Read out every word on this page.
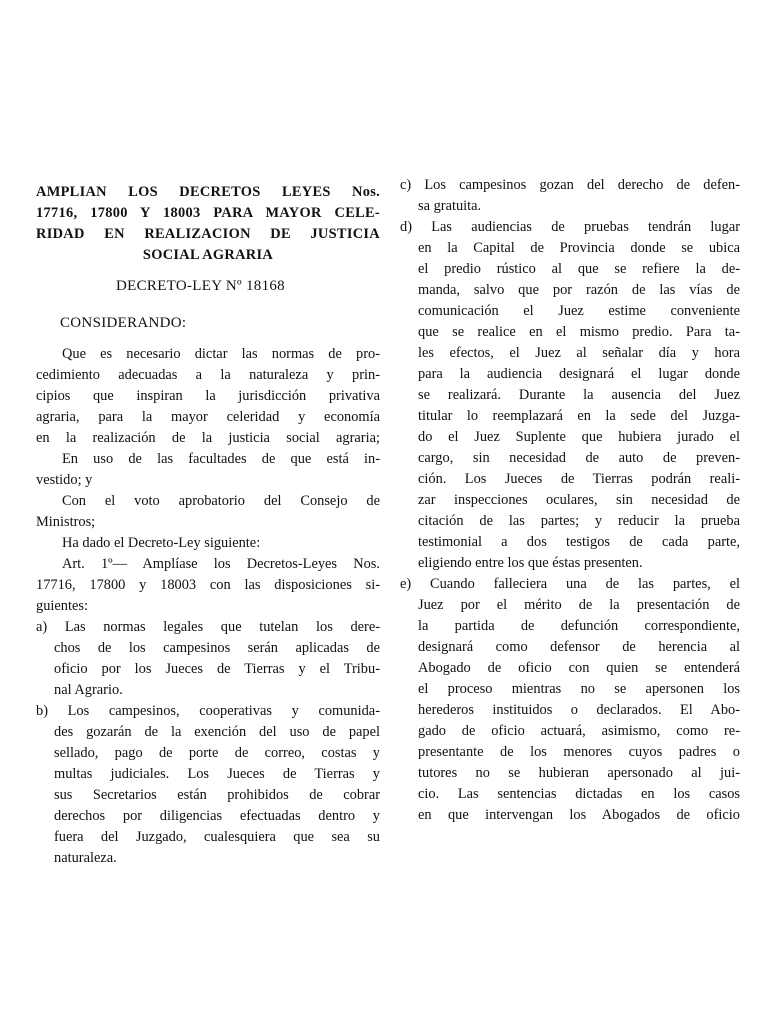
AMPLIAN LOS DECRETOS LEYES Nos.
17716, 17800 Y 18003 PARA MAYOR CELE-
RIDAD EN REALIZACION DE JUSTICIA
SOCIAL AGRARIA
DECRETO-LEY Nº 18168
CONSIDERANDO:
Que es necesario dictar las normas de pro-
cedimiento adecuadas a la naturaleza y prin-
cipios que inspiran la jurisdicción privativa
agraria, para la mayor celeridad y economía
en la realización de la justicia social agraria;
En uso de las facultades de que está in-
vestido; y
Con el voto aprobatorio del Consejo de
Ministros;
Ha dado el Decreto-Ley siguiente:
Art. 1º— Amplíase los Decretos-Leyes Nos.
17716, 17800 y 18003 con las disposiciones si-
guientes:
a) Las normas legales que tutelan los dere-
chos de los campesinos serán aplicadas de
oficio por los Jueces de Tierras y el Tribu-
nal Agrario.
b) Los campesinos, cooperativas y comunida-
des gozarán de la exención del uso de papel
sellado, pago de porte de correo, costas y
multas judiciales. Los Jueces de Tierras y
sus Secretarios están prohibidos de cobrar
derechos por diligencias efectuadas dentro y
fuera del Juzgado, cualesquiera que sea su
naturaleza.
c) Los campesinos gozan del derecho de defen-
sa gratuita.
d) Las audiencias de pruebas tendrán lugar
en la Capital de Provincia donde se ubica
el predio rústico al que se refiere la de-
manda, salvo que por razón de las vías de
comunicación el Juez estime conveniente
que se realice en el mismo predio. Para ta-
les efectos, el Juez al señalar día y hora
para la audiencia designará el lugar donde
se realizará. Durante la ausencia del Juez
titular lo reemplazará en la sede del Juzga-
do el Juez Suplente que hubiera jurado el
cargo, sin necesidad de auto de preven-
ción. Los Jueces de Tierras podrán reali-
zar inspecciones oculares, sin necesidad de
citación de las partes; y reducir la prueba
testimonial a dos testigos de cada parte,
eligiendo entre los que éstas presenten.
e) Cuando falleciera una de las partes, el
Juez por el mérito de la presentación de
la partida de defunción correspondiente,
designará como defensor de herencia al
Abogado de oficio con quien se entenderá
el proceso mientras no se apersonen los
herederos instituidos o declarados. El Abo-
gado de oficio actuará, asimismo, como re-
presentante de los menores cuyos padres o
tutores no se hubieran apersonado al jui-
cio. Las sentencias dictadas en los casos
en que intervengan los Abogados de oficio
